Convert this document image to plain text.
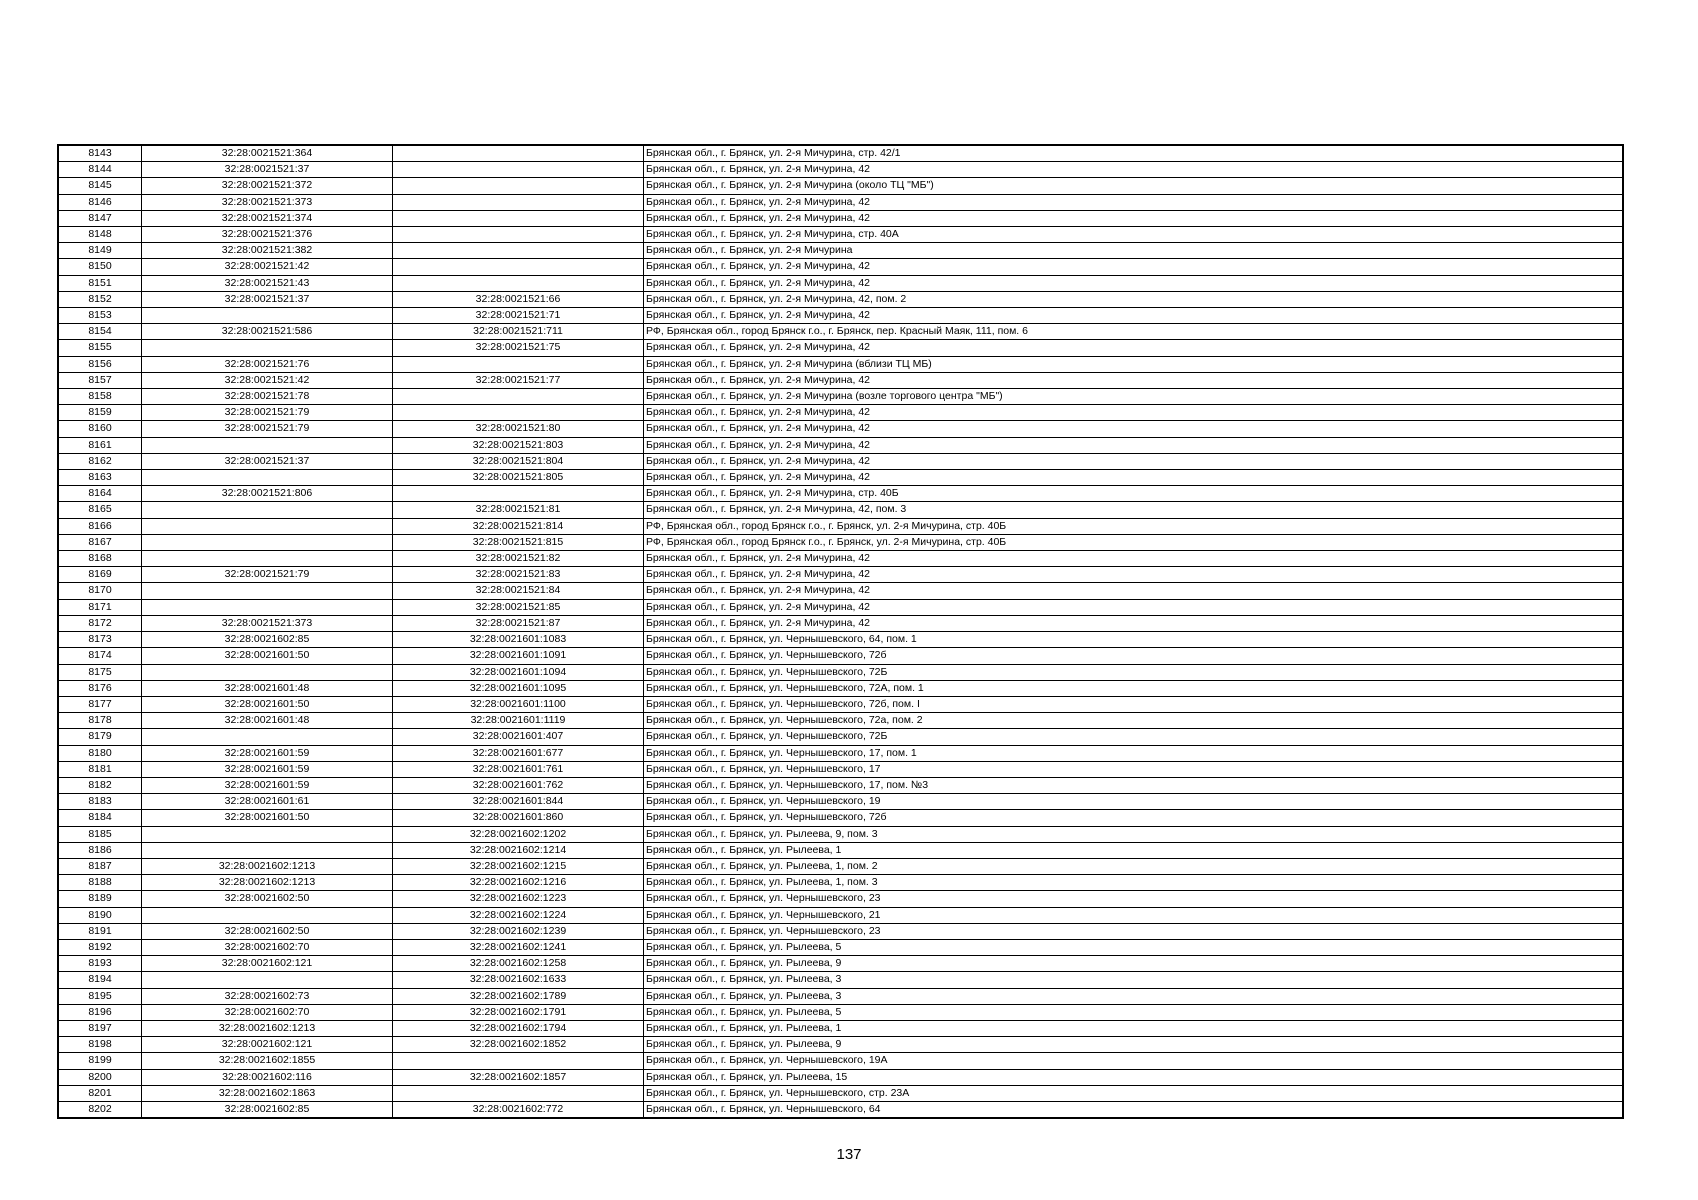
8143	32:28:0021521:364		Брянская обл., г. Брянск, ул. 2-я Мичурина, стр. 42/1
8144	32:28:0021521:37		Брянская обл., г. Брянск, ул. 2-я Мичурина, 42
8145	32:28:0021521:372		Брянская обл., г. Брянск, ул. 2-я Мичурина (около ТЦ "МБ")
8146	32:28:0021521:373		Брянская обл., г. Брянск, ул. 2-я Мичурина, 42
8147	32:28:0021521:374		Брянская обл., г. Брянск, ул. 2-я Мичурина, 42
8148	32:28:0021521:376		Брянская обл., г. Брянск, ул. 2-я Мичурина, стр. 40А
8149	32:28:0021521:382		Брянская обл., г. Брянск, ул. 2-я Мичурина
8150	32:28:0021521:42		Брянская обл., г. Брянск, ул. 2-я Мичурина, 42
8151	32:28:0021521:43		Брянская обл., г. Брянск, ул. 2-я Мичурина, 42
8152	32:28:0021521:37	32:28:0021521:66	Брянская обл., г. Брянск, ул. 2-я Мичурина, 42, пом. 2
8153		32:28:0021521:71	Брянская обл., г. Брянск, ул. 2-я Мичурина, 42
8154	32:28:0021521:586	32:28:0021521:711	РФ, Брянская обл., город Брянск г.о., г. Брянск, пер. Красный Маяк, 111, пом. 6
8155		32:28:0021521:75	Брянская обл., г. Брянск, ул. 2-я Мичурина, 42
8156	32:28:0021521:76		Брянская обл., г. Брянск, ул. 2-я Мичурина (вблизи ТЦ МБ)
8157	32:28:0021521:42	32:28:0021521:77	Брянская обл., г. Брянск, ул. 2-я Мичурина, 42
8158	32:28:0021521:78		Брянская обл., г. Брянск, ул. 2-я Мичурина (возле торгового центра "МБ")
8159	32:28:0021521:79		Брянская обл., г. Брянск, ул. 2-я Мичурина, 42
8160	32:28:0021521:79	32:28:0021521:80	Брянская обл., г. Брянск, ул. 2-я Мичурина, 42
8161		32:28:0021521:803	Брянская обл., г. Брянск, ул. 2-я Мичурина, 42
8162	32:28:0021521:37	32:28:0021521:804	Брянская обл., г. Брянск, ул. 2-я Мичурина, 42
8163		32:28:0021521:805	Брянская обл., г. Брянск, ул. 2-я Мичурина, 42
8164	32:28:0021521:806		Брянская обл., г. Брянск, ул. 2-я Мичурина, стр. 40Б
8165		32:28:0021521:81	Брянская обл., г. Брянск, ул. 2-я Мичурина, 42, пом. 3
8166		32:28:0021521:814	РФ, Брянская обл., город Брянск г.о., г. Брянск, ул. 2-я Мичурина, стр. 40Б
8167		32:28:0021521:815	РФ, Брянская обл., город Брянск г.о., г. Брянск, ул. 2-я Мичурина, стр. 40Б
8168		32:28:0021521:82	Брянская обл., г. Брянск, ул. 2-я Мичурина, 42
8169	32:28:0021521:79	32:28:0021521:83	Брянская обл., г. Брянск, ул. 2-я Мичурина, 42
8170		32:28:0021521:84	Брянская обл., г. Брянск, ул. 2-я Мичурина, 42
8171		32:28:0021521:85	Брянская обл., г. Брянск, ул. 2-я Мичурина, 42
8172	32:28:0021521:373	32:28:0021521:87	Брянская обл., г. Брянск, ул. 2-я Мичурина, 42
8173	32:28:0021602:85	32:28:0021601:1083	Брянская обл., г. Брянск, ул. Чернышевского, 64, пом. 1
8174	32:28:0021601:50	32:28:0021601:1091	Брянская обл., г. Брянск, ул. Чернышевского, 72б
8175		32:28:0021601:1094	Брянская обл., г. Брянск, ул. Чернышевского, 72Б
8176	32:28:0021601:48	32:28:0021601:1095	Брянская обл., г. Брянск, ул. Чернышевского, 72А, пом. 1
8177	32:28:0021601:50	32:28:0021601:1100	Брянская обл., г. Брянск, ул. Чернышевского, 72б, пом. I
8178	32:28:0021601:48	32:28:0021601:1119	Брянская обл., г. Брянск, ул. Чернышевского, 72а, пом. 2
8179		32:28:0021601:407	Брянская обл., г. Брянск, ул. Чернышевского, 72Б
8180	32:28:0021601:59	32:28:0021601:677	Брянская обл., г. Брянск, ул. Чернышевского, 17, пом. 1
8181	32:28:0021601:59	32:28:0021601:761	Брянская обл., г. Брянск, ул. Чернышевского, 17
8182	32:28:0021601:59	32:28:0021601:762	Брянская обл., г. Брянск, ул. Чернышевского, 17, пом. №3
8183	32:28:0021601:61	32:28:0021601:844	Брянская обл., г. Брянск, ул. Чернышевского, 19
8184	32:28:0021601:50	32:28:0021601:860	Брянская обл., г. Брянск, ул. Чернышевского, 72б
8185		32:28:0021602:1202	Брянская обл., г. Брянск, ул. Рылеева, 9, пом. 3
8186		32:28:0021602:1214	Брянская обл., г. Брянск, ул. Рылеева, 1
8187	32:28:0021602:1213	32:28:0021602:1215	Брянская обл., г. Брянск, ул. Рылеева, 1, пом. 2
8188	32:28:0021602:1213	32:28:0021602:1216	Брянская обл., г. Брянск, ул. Рылеева, 1, пом. 3
8189	32:28:0021602:50	32:28:0021602:1223	Брянская обл., г. Брянск, ул. Чернышевского, 23
8190		32:28:0021602:1224	Брянская обл., г. Брянск, ул. Чернышевского, 21
8191	32:28:0021602:50	32:28:0021602:1239	Брянская обл., г. Брянск, ул. Чернышевского, 23
8192	32:28:0021602:70	32:28:0021602:1241	Брянская обл., г. Брянск, ул. Рылеева, 5
8193	32:28:0021602:121	32:28:0021602:1258	Брянская обл., г. Брянск, ул. Рылеева, 9
8194		32:28:0021602:1633	Брянская обл., г. Брянск, ул. Рылеева, 3
8195	32:28:0021602:73	32:28:0021602:1789	Брянская обл., г. Брянск, ул. Рылеева, 3
8196	32:28:0021602:70	32:28:0021602:1791	Брянская обл., г. Брянск, ул. Рылеева, 5
8197	32:28:0021602:1213	32:28:0021602:1794	Брянская обл., г. Брянск, ул. Рылеева, 1
8198	32:28:0021602:121	32:28:0021602:1852	Брянская обл., г. Брянск, ул. Рылеева, 9
8199	32:28:0021602:1855		Брянская обл., г. Брянск, ул. Чернышевского, 19А
8200	32:28:0021602:116	32:28:0021602:1857	Брянская обл., г. Брянск, ул. Рылеева, 15
8201	32:28:0021602:1863		Брянская обл., г. Брянск, ул. Чернышевского, стр. 23А
8202	32:28:0021602:85	32:28:0021602:772	Брянская обл., г. Брянск, ул. Чернышевского, 64
137
